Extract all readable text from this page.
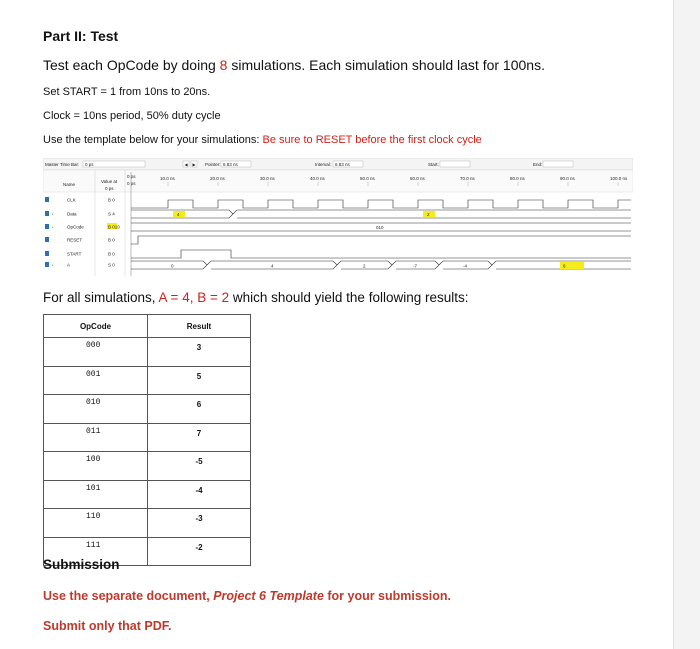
Part II: Test
Test each OpCode by doing 8 simulations. Each simulation should last for 100ns.
Set START = 1 from 10ns to 20ns.
Clock = 10ns period, 50% duty cycle
Use the template below for your simulations: Be sure to RESET before the first clock cycle
Master Time Bar: 0 ps	◀ ▶ Pointer: 6.83 ns	Interval: 6.83 ns	Start:	End:
Name
Value at
0 ps
0 ps
0 ps
10.0 ns	20.0 ns	30.0 ns	40.0 ns	50.0 ns	60.0 ns	70.0 ns	80.0 ns	90.0 ns	100.0 ns
010
4	2
0	4	2	-7	-4	6
CLK	B 0
›	Data	S 4
›	OpCode	B 010
RESET	B 0
START	B 0
›	A	S 0
For all simulations, A = 4, B = 2 which should yield the following results:
OpCode	Result
000	3
001	5
010	6
011	7
100	-5
101	-4
110	-3
111	-2
Submission
Use the separate document, Project 6 Template for your submission.
Submit only that PDF.
